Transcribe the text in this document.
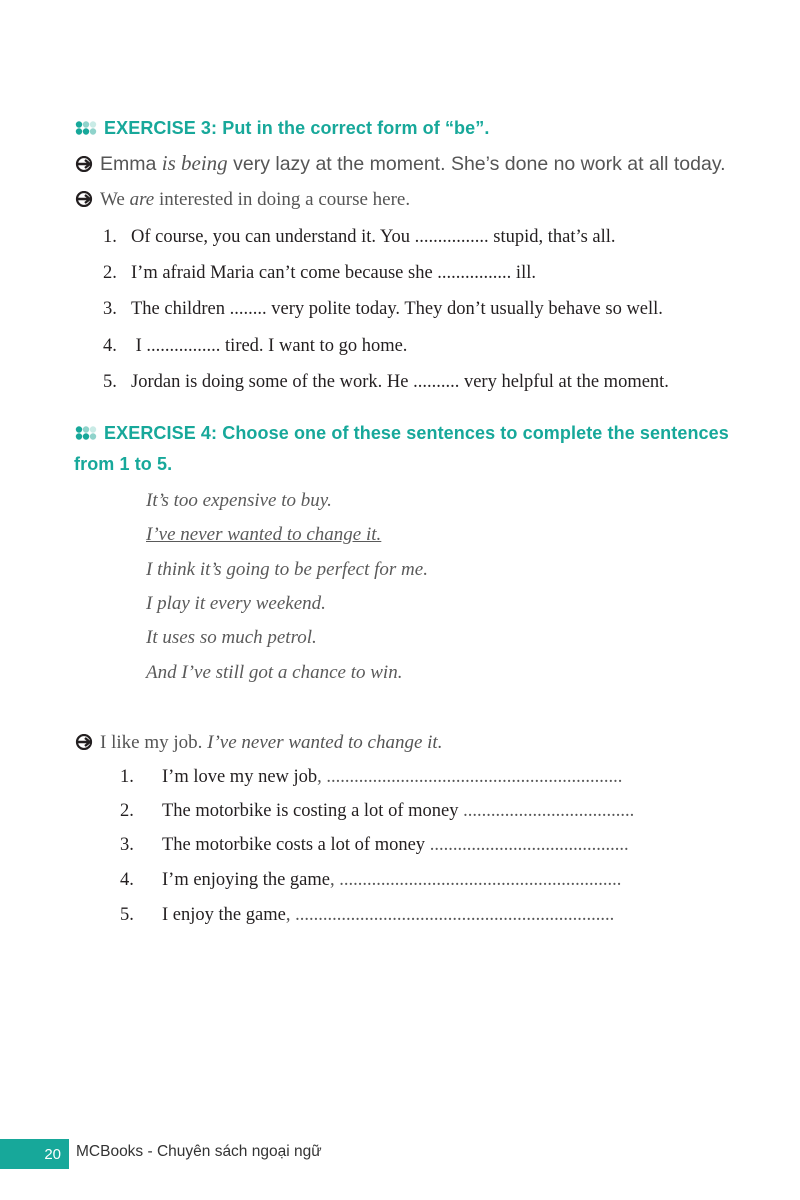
EXERCISE 3: Put in the correct form of “be”.
Emma is being very lazy at the moment. She’s done no work at all today.
We are interested in doing a course here.
1. Of course, you can understand it. You ................ stupid, that’s all.
2. I’m afraid Maria can’t come because she ................ ill.
3. The children ........ very polite today. They don’t usually behave so well.
4. I ................ tired. I want to go home.
5. Jordan is doing some of the work. He .......... very helpful at the moment.
EXERCISE 4: Choose one of these sentences to complete the sentences
from 1 to 5.
It’s too expensive to buy.
I’ve never wanted to change it.
I think it’s going to be perfect for me.
I play it every weekend.
It uses so much petrol.
And I’ve still got a chance to win.
I like my job. I’ve never wanted to change it.
1. I’m love my new job, ................................................................
2. The motorbike is costing a lot of money .....................................
3. The motorbike costs a lot of money ...........................................
4. I’m enjoying the game, .............................................................
5. I enjoy the game, .....................................................................
20 MCBooks - Chuyên sách ngoại ngữ
